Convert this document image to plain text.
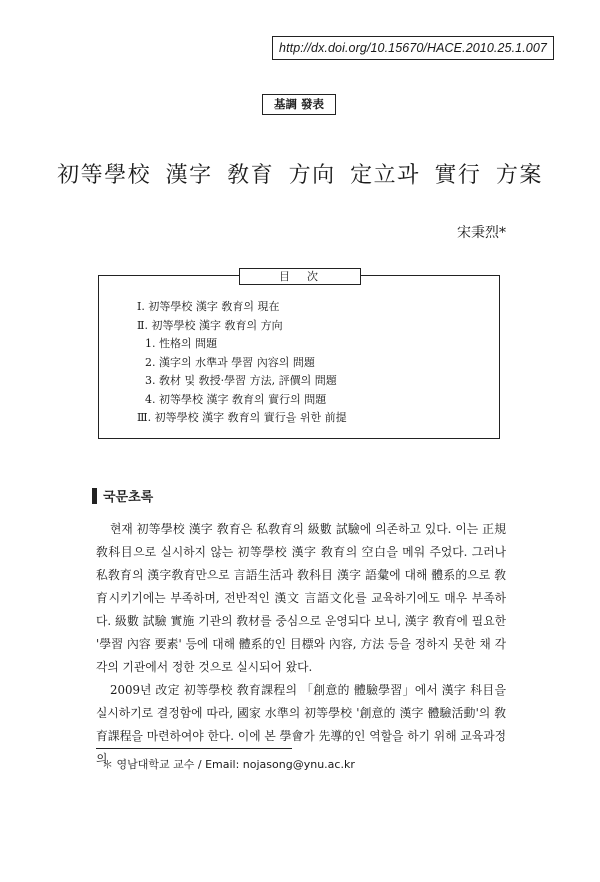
http://dx.doi.org/10.15670/HACE.2010.25.1.007
基調 發表
初等學校 漢字 敎育 方向 定立과 實行 方案
宋秉烈*
目　次
Ⅰ. 初等學校 漢字 敎育의 現在
Ⅱ. 初等學校 漢字 敎育의 方向
1. 性格의 問題
2. 漢字의 水準과 學習 內容의 問題
3. 敎材 및 敎授·學習 方法, 評價의 問題
4. 初等學校 漢字 敎育의 實行의 問題
Ⅲ. 初等學校 漢字 敎育의 實行을 위한 前提
국문초록

현재 初等學校 漢字 敎育은 私敎育의 級數 試驗에 의존하고 있다. 이는 正規 敎科目으로 실시하지 않는 初等學校 漢字 敎育의 空白을 메워 주었다. 그러나 私敎育의 漢字敎育만으로 言語生活과 敎科目 漢字 語彙에 대해 體系的으로 敎育시키기에는 부족하며, 전반적인 漢文 言語文化를 교육하기에도 매우 부족하다. 級數 試驗 實施 기관의 敎材를 중심으로 운영되다 보니, 漢字 敎育에 필요한 '學習 內容 要素' 등에 대해 體系的인 目標와 內容, 方法 등을 정하지 못한 채 각각의 기관에서 정한 것으로 실시되어 왔다.

2009년 改定 初等學校 敎育課程의 「創意的 體驗學習」에서 漢字 科目을 실시하기로 결정함에 따라, 國家 水準의 初等學校 '創意的 漢字 體驗活動'의 敎育課程을 마련하여야 한다. 이에 본 學會가 先導的인 역할을 하기 위해 교육과정의

＊ 영남대학교 교수 / Email: nojasong@ynu.ac.kr
